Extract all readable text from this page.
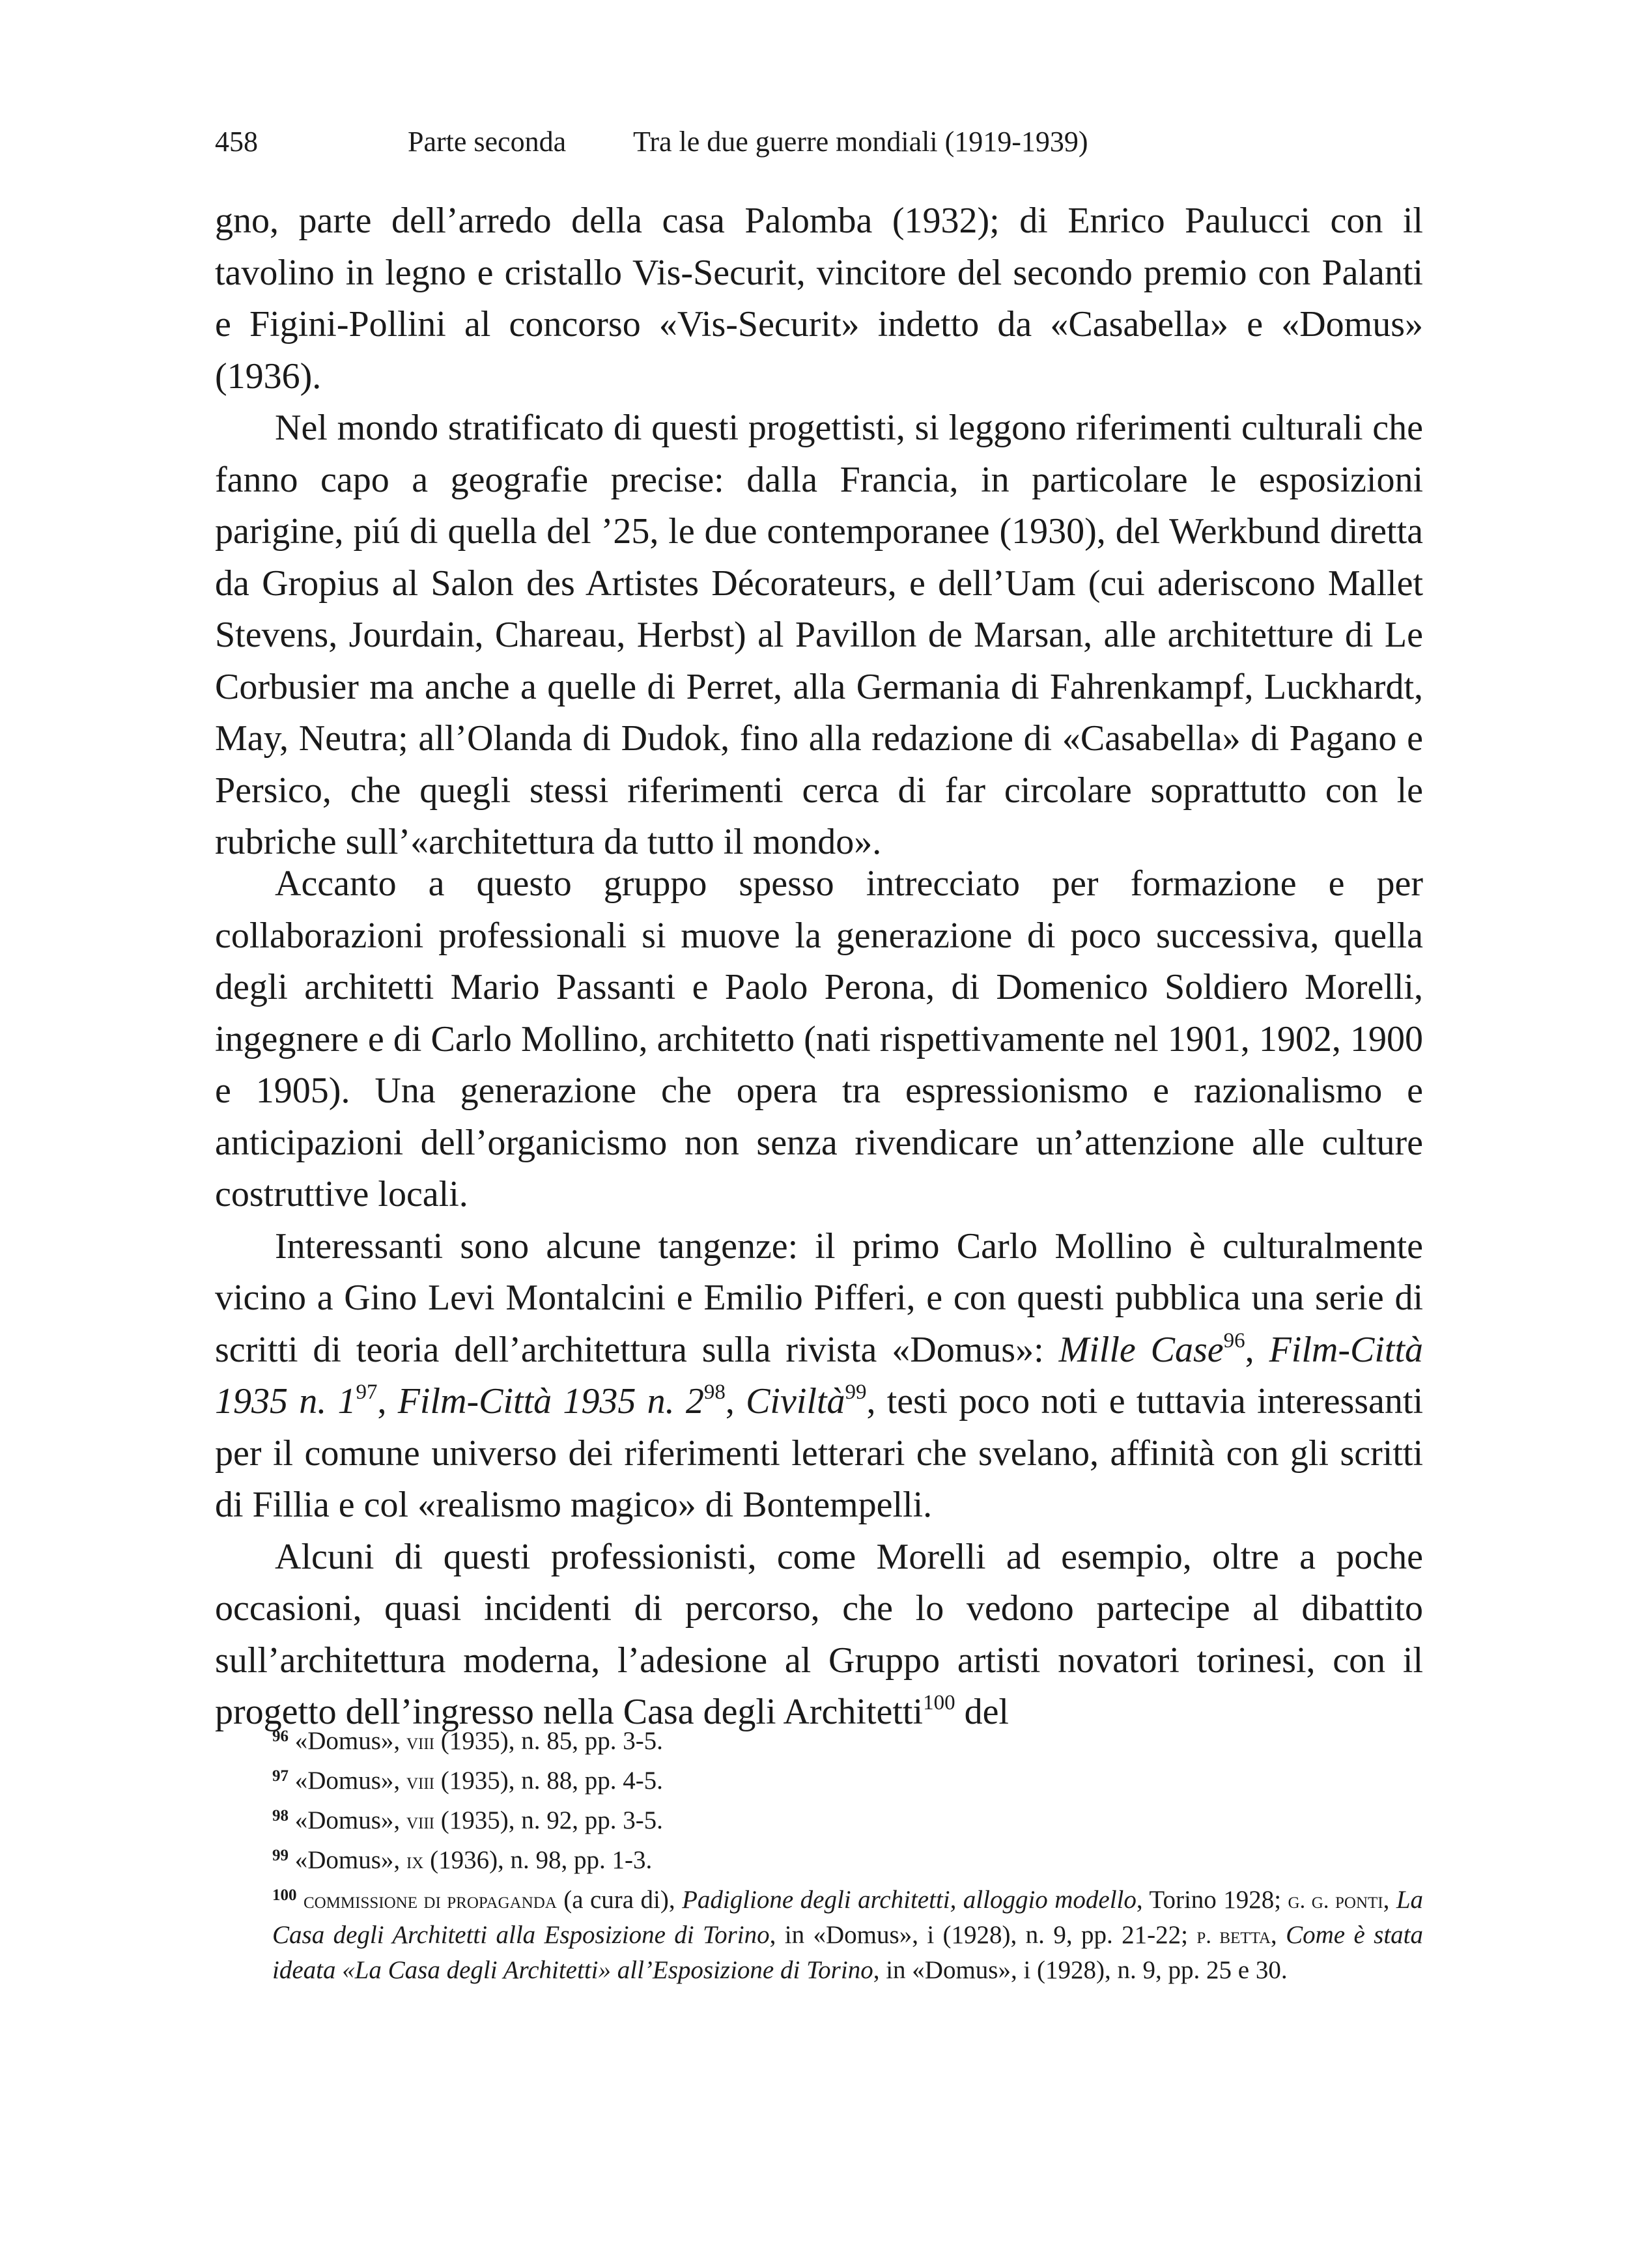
458	Parte seconda Tra le due guerre mondiali (1919-1939)

gno, parte dell’arredo della casa Palomba (1932); di Enrico Paulucci con il tavolino in legno e cristallo Vis-Securit, vincitore del secondo premio con Palanti e Figini-Pollini al concorso «Vis-Securit» indetto da «Casabella» e «Domus» (1936).

Nel mondo stratificato di questi progettisti, si leggono riferimenti culturali che fanno capo a geografie precise: dalla Francia, in particolare le esposizioni parigine, piú di quella del ’25, le due contemporanee (1930), del Werkbund diretta da Gropius al Salon des Artistes Décorateurs, e dell’Uam (cui aderiscono Mallet Stevens, Jourdain, Chareau, Herbst) al Pavillon de Marsan, alle architetture di Le Corbusier ma anche a quelle di Perret, alla Germania di Fahrenkampf, Luckhardt, May, Neutra; all’Olanda di Dudok, fino alla redazione di «Casabella» di Pagano e Persico, che quegli stessi riferimenti cerca di far circolare soprattutto con le rubriche sull’«architettura da tutto il mondo».

Accanto a questo gruppo spesso intrecciato per formazione e per collaborazioni professionali si muove la generazione di poco successiva, quella degli architetti Mario Passanti e Paolo Perona, di Domenico Soldiero Morelli, ingegnere e di Carlo Mollino, architetto (nati rispettivamente nel 1901, 1902, 1900 e 1905). Una generazione che opera tra espressionismo e razionalismo e anticipazioni dell’organicismo non senza rivendicare un’attenzione alle culture costruttive locali.

Interessanti sono alcune tangenze: il primo Carlo Mollino è culturalmente vicino a Gino Levi Montalcini e Emilio Pifferi, e con questi pubblica una serie di scritti di teoria dell’architettura sulla rivista «Domus»: Mille Case$^{96}$, Film-Città 1935 n. $1^{97}$, Film-Città 1935 n. $2^{98}$, Civiltà$^{99}$, testi poco noti e tuttavia interessanti per il comune universo dei riferimenti letterari che svelano, affinità con gli scritti di Fillia e col «realismo magico» di Bontempelli.

Alcuni di questi professionisti, come Morelli ad esempio, oltre a poche occasioni, quasi incidenti di percorso, che lo vedono partecipe al dibattito sull’architettura moderna, l’adesione al Gruppo artisti novatori torinesi, con il progetto dell’ingresso nella Casa degli Architetti$^{100}$ del

$^{96}$ «Domus», viii (1935), n. 85, pp. 3-5.

$^{97}$ «Domus», viii (1935), n. 88, pp. 4-5.

$^{98}$ «Domus», viii (1935), n. 92, pp. 3-5.

$^{99}$ «Domus», ix (1936), n. 98, pp. 1-3.

$^{100}$ commissione di propaganda (a cura di), Padiglione degli architetti, alloggio modello, Torino 1928; g. g. ponti, La Casa degli Architetti alla Esposizione di Torino, in «Domus», i (1928), n. 9, pp. 21-22; p. betta, Come è stata ideata «La Casa degli Architetti» all’Esposizione di Torino, in «Domus», i (1928), n. 9, pp. 25 e 30.
